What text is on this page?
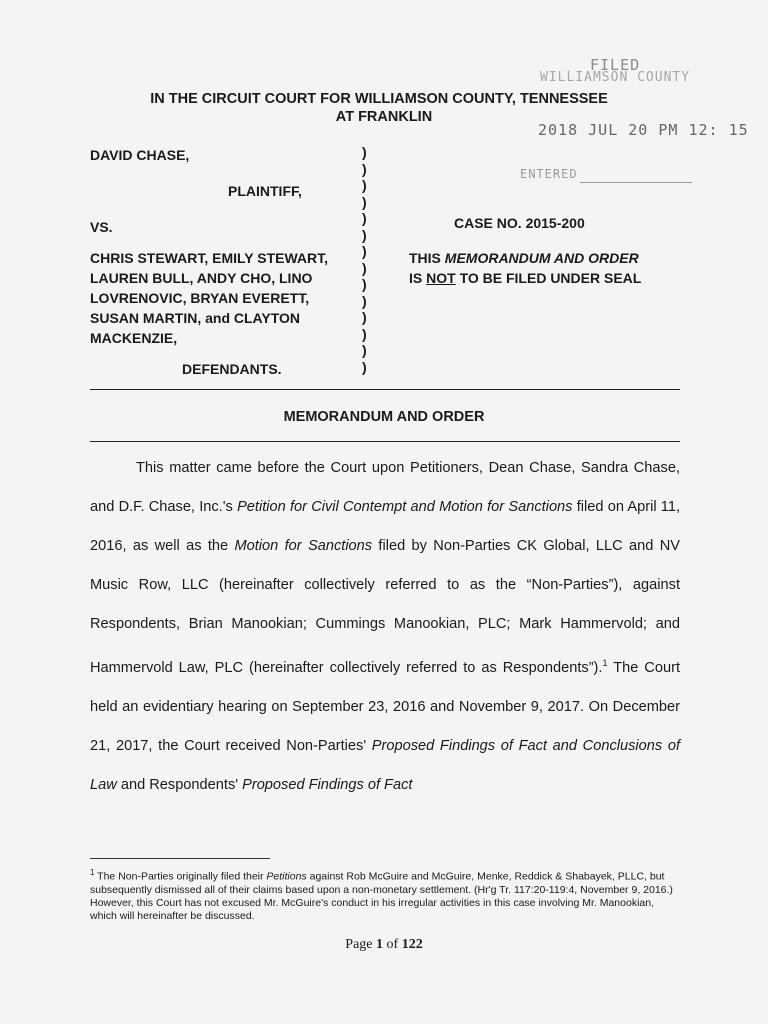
FILED
WILLIAMSON COUNTY
2018 JUL 20 PM 12: 15
ENTERED
IN THE CIRCUIT COURT FOR WILLIAMSON COUNTY, TENNESSEE
AT FRANKLIN
DAVID CHASE,
PLAINTIFF,
VS.
CHRIS STEWART, EMILY STEWART,
LAUREN BULL, ANDY CHO, LINO
LOVRENOVIC, BRYAN EVERETT,
SUSAN MARTIN, and CLAYTON
MACKENZIE,
DEFENDANTS.
)
)
)
)
)
)
)
)
)
)
)
)
)
)
CASE NO. 2015-200
THIS MEMORANDUM AND ORDER
IS NOT TO BE FILED UNDER SEAL
MEMORANDUM AND ORDER

This matter came before the Court upon Petitioners, Dean Chase, Sandra Chase, and D.F. Chase, Inc.'s Petition for Civil Contempt and Motion for Sanctions filed on April 11, 2016, as well as the Motion for Sanctions filed by Non-Parties CK Global, LLC and NV Music Row, LLC (hereinafter collectively referred to as the “Non-Parties”), against Respondents, Brian Manookian; Cummings Manookian, PLC; Mark Hammervold; and Hammervold Law, PLC (hereinafter collectively referred to as Respondents”).$^1$ The Court held an evidentiary hearing on September 23, 2016 and November 9, 2017. On December 21, 2017, the Court received Non-Parties' Proposed Findings of Fact and Conclusions of Law and Respondents' Proposed Findings of Fact

$^1$ The Non-Parties originally filed their Petitions against Rob McGuire and McGuire, Menke, Reddick & Shabayek, PLLC, but subsequently dismissed all of their claims based upon a non-monetary settlement. (Hr'g Tr. 117:20-119:4, November 9, 2016.) However, this Court has not excused Mr. McGuire's conduct in his irregular activities in this case involving Mr. Manookian, which will hereinafter be discussed.
Page 1 of 122
